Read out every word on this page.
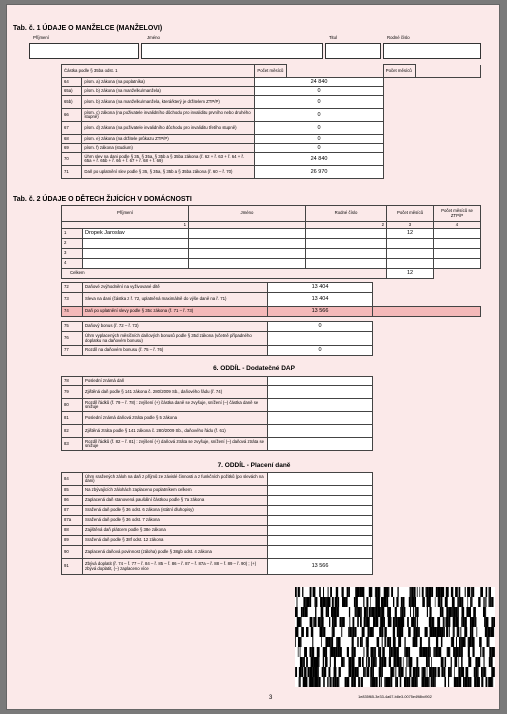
Tab. č. 1 ÚDAJE O MANŽELCE (MANŽELOVI)
Příjmení	Jméno	Titul	Rodné číslo
Částka podle § 35ba odst. 1		Počet měsíců		Počet měsíců	
64	písm. a) zákona (na poplatníka)	24 840			
65a)	písm. b) zákona (na manželku/manžela)	0			
65b)	písm. b) zákona (na manželku/manžela, která/který je držitelem ZTP/P)	0			
66	písm. c) zákona (na poživatele invalidního důchodu pro invaliditu prvního nebo druhého stupně)	0			
67	písm. d) zákona (na poživatele invalidního důchodu pro invaliditu třetího stupně)	0			
68	písm. e) zákona (na držitele průkazu ZTP/P)	0			
69	písm. f) zákona (studium)	0			
70	Úhrn slev na dani podle § 35, § 35a, § 35b a § 35ba zákona (ř. 62 + ř. 63 + ř. 64 + ř. 65a + ř. 65b + ř. 66 + ř. 67 + ř. 68 + ř. 69)	24 840			
71	Daň po uplatnění slev podle § 35, § 35a, § 35b a § 35ba zákona (ř. 60 – ř. 70)	26 970			
Tab. č. 2 ÚDAJE O DĚTECH ŽIJÍCÍCH V DOMÁCNOSTI
Příjmení		Jméno	Rodné číslo	Počet měsíců	Počet měsíců se ZTP/P
1			2	3	4
1	Dropek Jaroslav			12	
2					
3					
4					
Celkem				12	
72	Daňové zvýhodnění na vyživované dítě	13 404	
73	Sleva na dani (částka z ř. 72, uplatněná maximálně do výše daně na ř. 71)	13 404	
74	Daň po uplatnění slevy podle § 35c zákona (ř. 71 – ř. 73)	13 566	
75	Daňový bonus (ř. 72 – ř. 73)	0	
76	Úhrn vyplacených měsíčních daňových bonusů podle § 35d zákona (včetně případného doplatku na daňovém bonusu)		
77	Rozdíl na daňovém bonusu (ř. 75 – ř. 76)	0	
6. ODDÍL - Dodatečné DAP
78	Poslední známá daň		
79	Zjištěná daň podle § 141 zákona č. 280/2009 Sb., daňového řádu (ř. 74)		
80	Rozdíl řádků (ř. 79 – ř. 78) : zvýšení (+) částka daně se zvyšuje, snížení (–) částka daně se snižuje		
81	Poslední známá daňová ztráta podle § 5 zákona		
82	Zjištěná ztráta podle § 141 zákona č. 280/2009 Sb., daňového řádu (ř. 61)		
83	Rozdíl řádků (ř. 82 – ř. 81) : zvýšení (+) daňová ztráta se zvyšuje, snížení (–) daňová ztráta se snižuje		
7. ODDÍL - Placení daně
84	Úhrn sražených záloh na daň z příjmů ze závislé činnosti a z funkčních požitků (po slevách na dani)		
85	Na zbývajících zálohách zaplaceno poplatníkem celkem		
86	Zaplacená daň stanovená paušální částkou podle § 7a zákona		
87	Sražená daň podle § 36 odst. 6 zákona (státní dluhopisy)		
87a	Sražená daň podle § 36 odst. 7 zákona		
88	Zajištěná daň plátcem podle § 38e zákona		
89	Sražená daň podle § 38f odst. 12 zákona		
90	Zaplacená daňová povinnost (záloha) podle § 38gb odst. 4 zákona		
91	Zbývá doplatit (ř. 74 – ř. 77 – ř. 84 – ř. 85 – ř. 86 – ř. 87 – ř. 87a – ř. 88 – ř. 89 – ř. 90) ; (+) zbývá doplatit, (–) zaplaceno více	13 566	
1e835f65-3e33-4a67-b8e3-0075e498bd902
3
